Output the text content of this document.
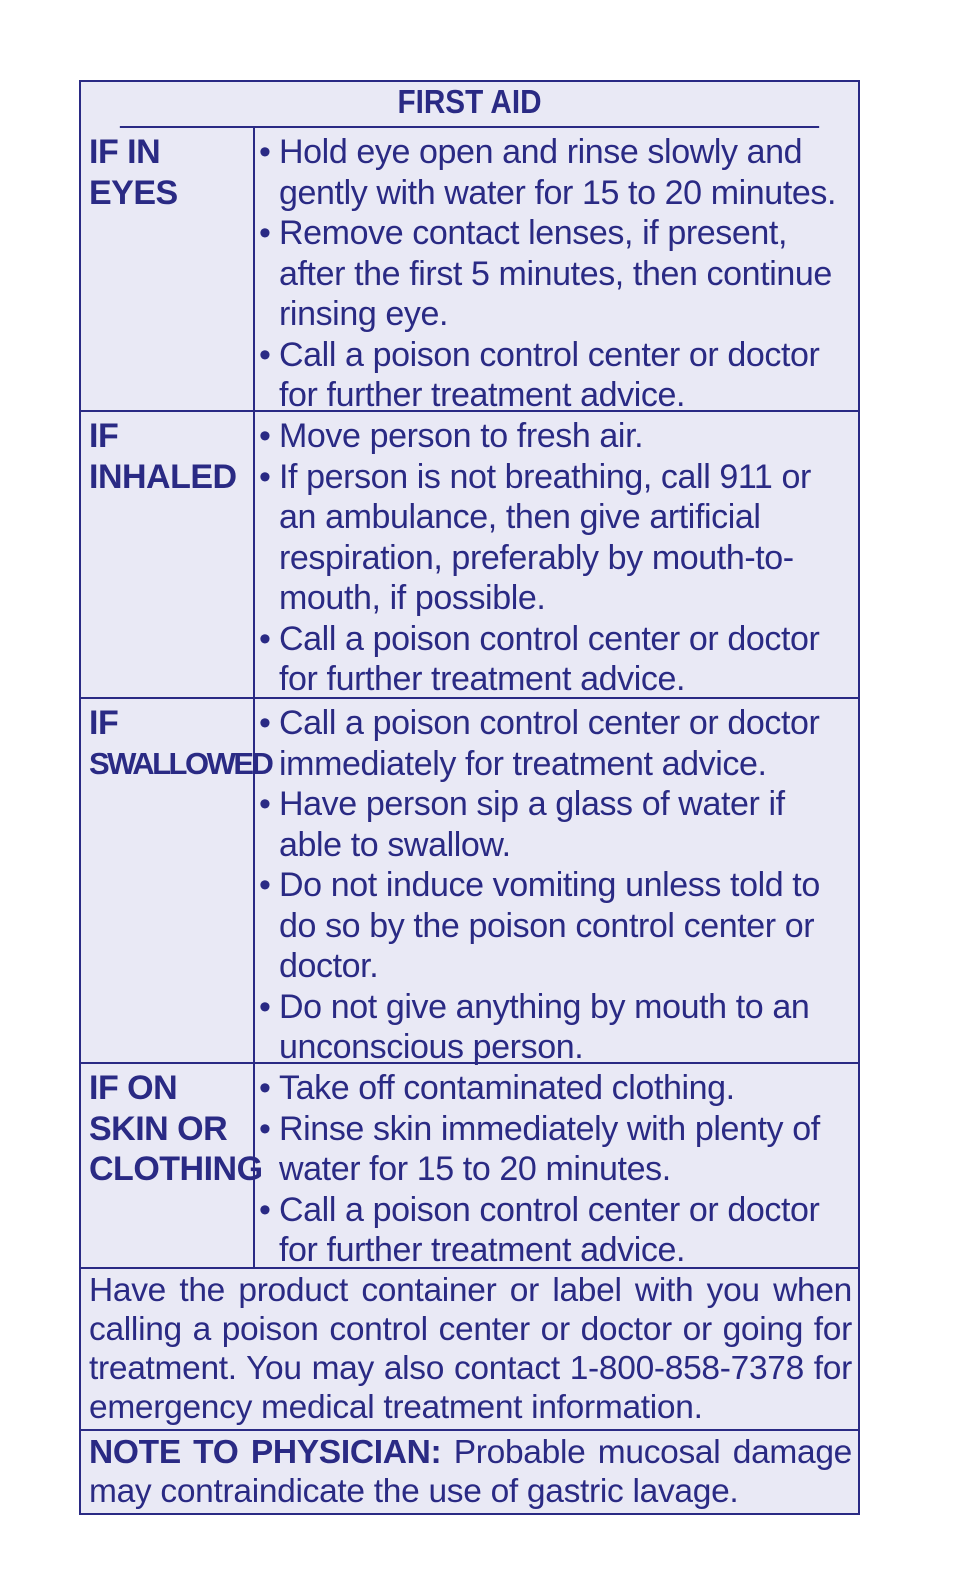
FIRST AID
IF IN EYES
• Hold eye open and rinse slowly and gently with water for 15 to 20 minutes.
• Remove contact lenses, if present, after the first 5 minutes, then continue rinsing eye.
• Call a poison control center or doctor for further treatment advice.
IF
INHALED
• Move person to fresh air.
• If person is not breathing, call 911 or an ambulance, then give artificial respiration, preferably by mouth-to-mouth, if possible.
• Call a poison control center or doctor for further treatment advice.
IF
SWALLOWED
• Call a poison control center or doctor immediately for treatment advice.
• Have person sip a glass of water if able to swallow.
• Do not induce vomiting unless told to do so by the poison control center or doctor.
• Do not give anything by mouth to an unconscious person.
IF ON
SKIN OR
CLOTHING
• Take off contaminated clothing.
• Rinse skin immediately with plenty of water for 15 to 20 minutes.
• Call a poison control center or doctor for further treatment advice.
Have the product container or label with you when calling a poison control center or doctor or going for treatment. You may also contact 1-800-858-7378 for emergency medical treatment information.
NOTE TO PHYSICIAN: Probable mucosal damage may contraindicate the use of gastric lavage.
